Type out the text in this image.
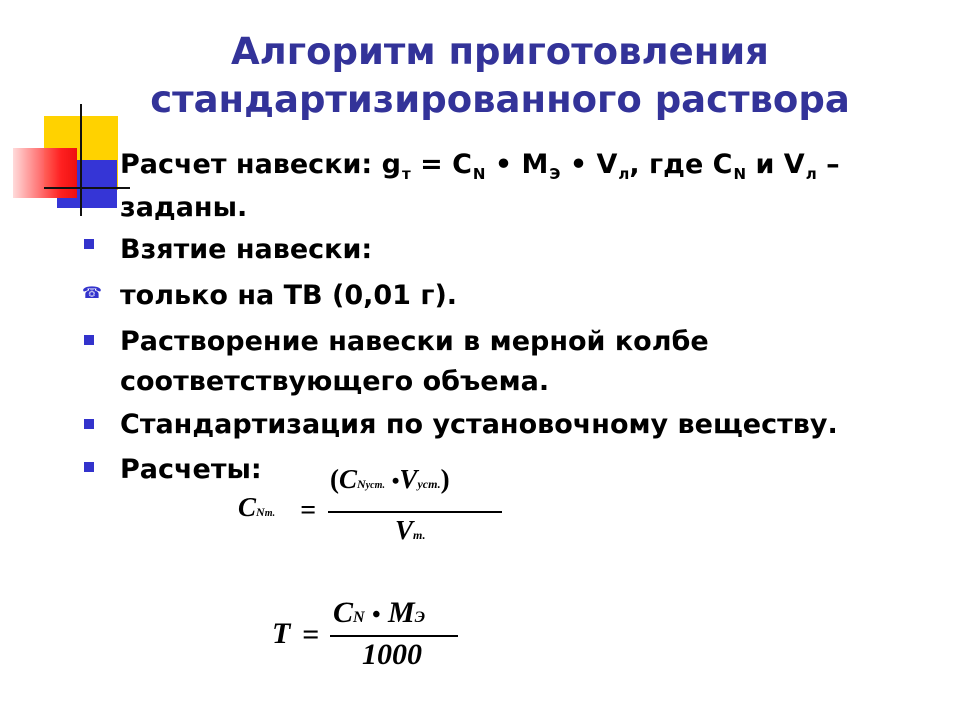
Алгоритм приготовления
стандартизированного раствора
Расчет навески: $g_т = C_N$ • $M_Э$ • $V_л$, где $C_N$ и $V_л$ –
заданы.
Взятие навески:
☎ только на ТВ (0,01 г).
Растворение навески в мерной колбе
соответствующего объема.
Стандартизация по установочному веществу.
Расчеты:
CNт. =
(CNуст. •Vуст.)
Vт.
T =
CN • MЭ
1000
